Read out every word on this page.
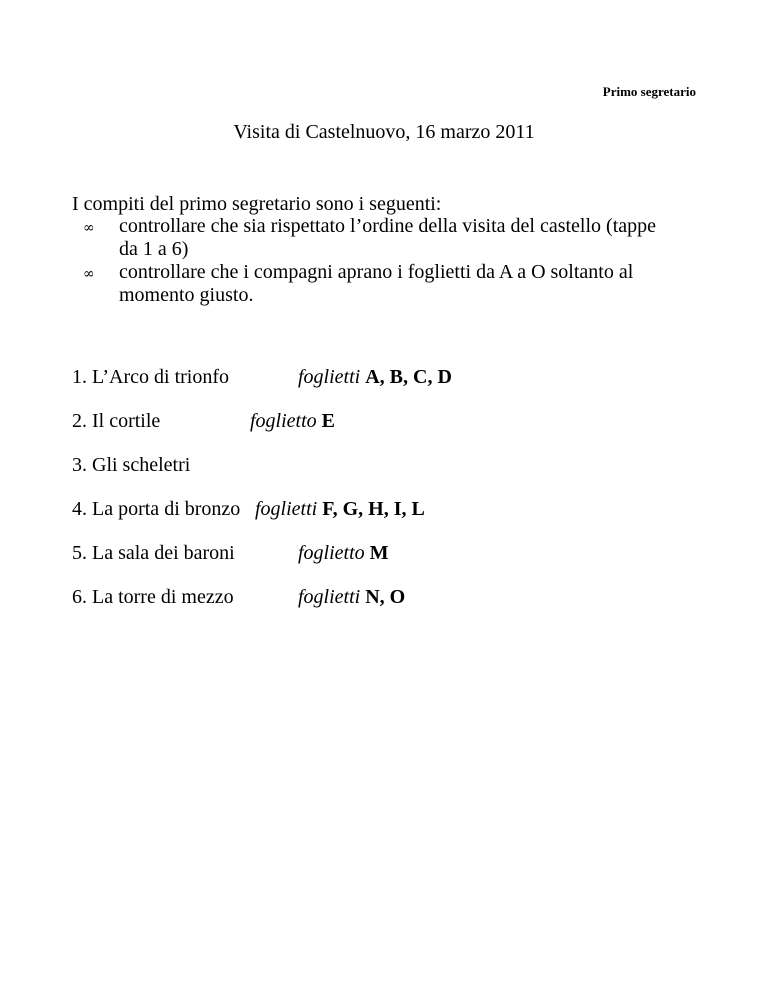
Primo segretario
Visita di Castelnuovo, 16 marzo 2011
I compiti del primo segretario sono i seguenti:
∞ controllare che sia rispettato l’ordine della visita del castello (tappe
da 1 a 6)
∞ controllare che i compagni aprano i foglietti da A a O soltanto al
momento giusto.
1. L’Arco di trionfo	foglietti A, B, C, D
2. Il cortile	foglietto E
3. Gli scheletri
4. La porta di bronzo foglietti F, G, H, I, L
5. La sala dei baroni	foglietto M
6. La torre di mezzo	foglietti N, O
